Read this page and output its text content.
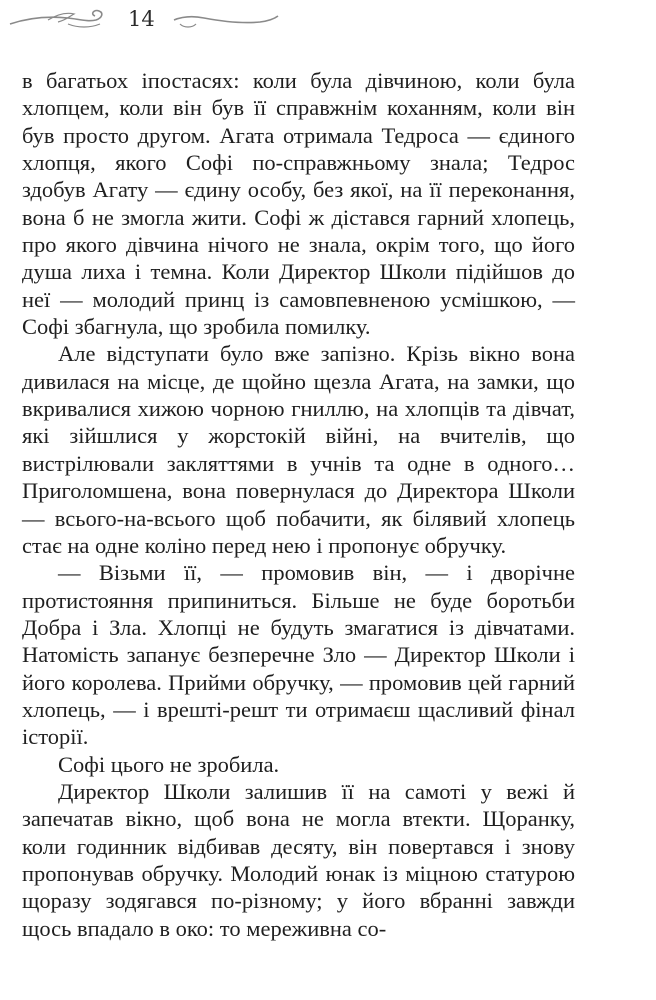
14

в багатьох іпостасях: коли була дівчиною, коли була хлопцем, коли він був її справжнім коханням, коли він був просто другом. Агата отримала Тедроса — єдиного хлопця, якого Софі по-справжньому знала; Тедрос здобув Агату — єдину особу, без якої, на її переконання, вона б не змогла жити. Софі ж дістався гарний хлопець, про якого дівчина нічого не знала, окрім того, що його душа лиха і темна. Коли Директор Школи підійшов до неї — молодий принц із самовпевненою усмішкою, — Софі збагнула, що зробила помилку.

Але відступати було вже запізно. Крізь вікно вона дивилася на місце, де щойно щезла Агата, на замки, що вкривалися хижою чорною гниллю, на хлопців та дівчат, які зійшлися у жорстокій війні, на вчителів, що вистрілювали закляттями в учнів та одне в одного… Приголомшена, вона повернулася до Директора Школи — всього-на-всього щоб побачити, як білявий хлопець стає на одне коліно перед нею і пропонує обручку.

— Візьми її, — промовив він, — і дворічне протистояння припиниться. Більше не буде боротьби Добра і Зла. Хлопці не будуть змагатися із дівчатами. Натомість запанує безперечне Зло — Директор Школи і його королева. Прийми обручку, — промовив цей гарний хлопець, — і врешті-решт ти отримаєш щасливий фінал історії.

Софі цього не зробила.

Директор Школи залишив її на самоті у вежі й запечатав вікно, щоб вона не могла втекти. Щоранку, коли годинник відбивав десяту, він повертався і знову пропонував обручку. Молодий юнак із міцною статурою щоразу зодягався по-різному; у його вбранні завжди щось впадало в око: то мереживна со-
